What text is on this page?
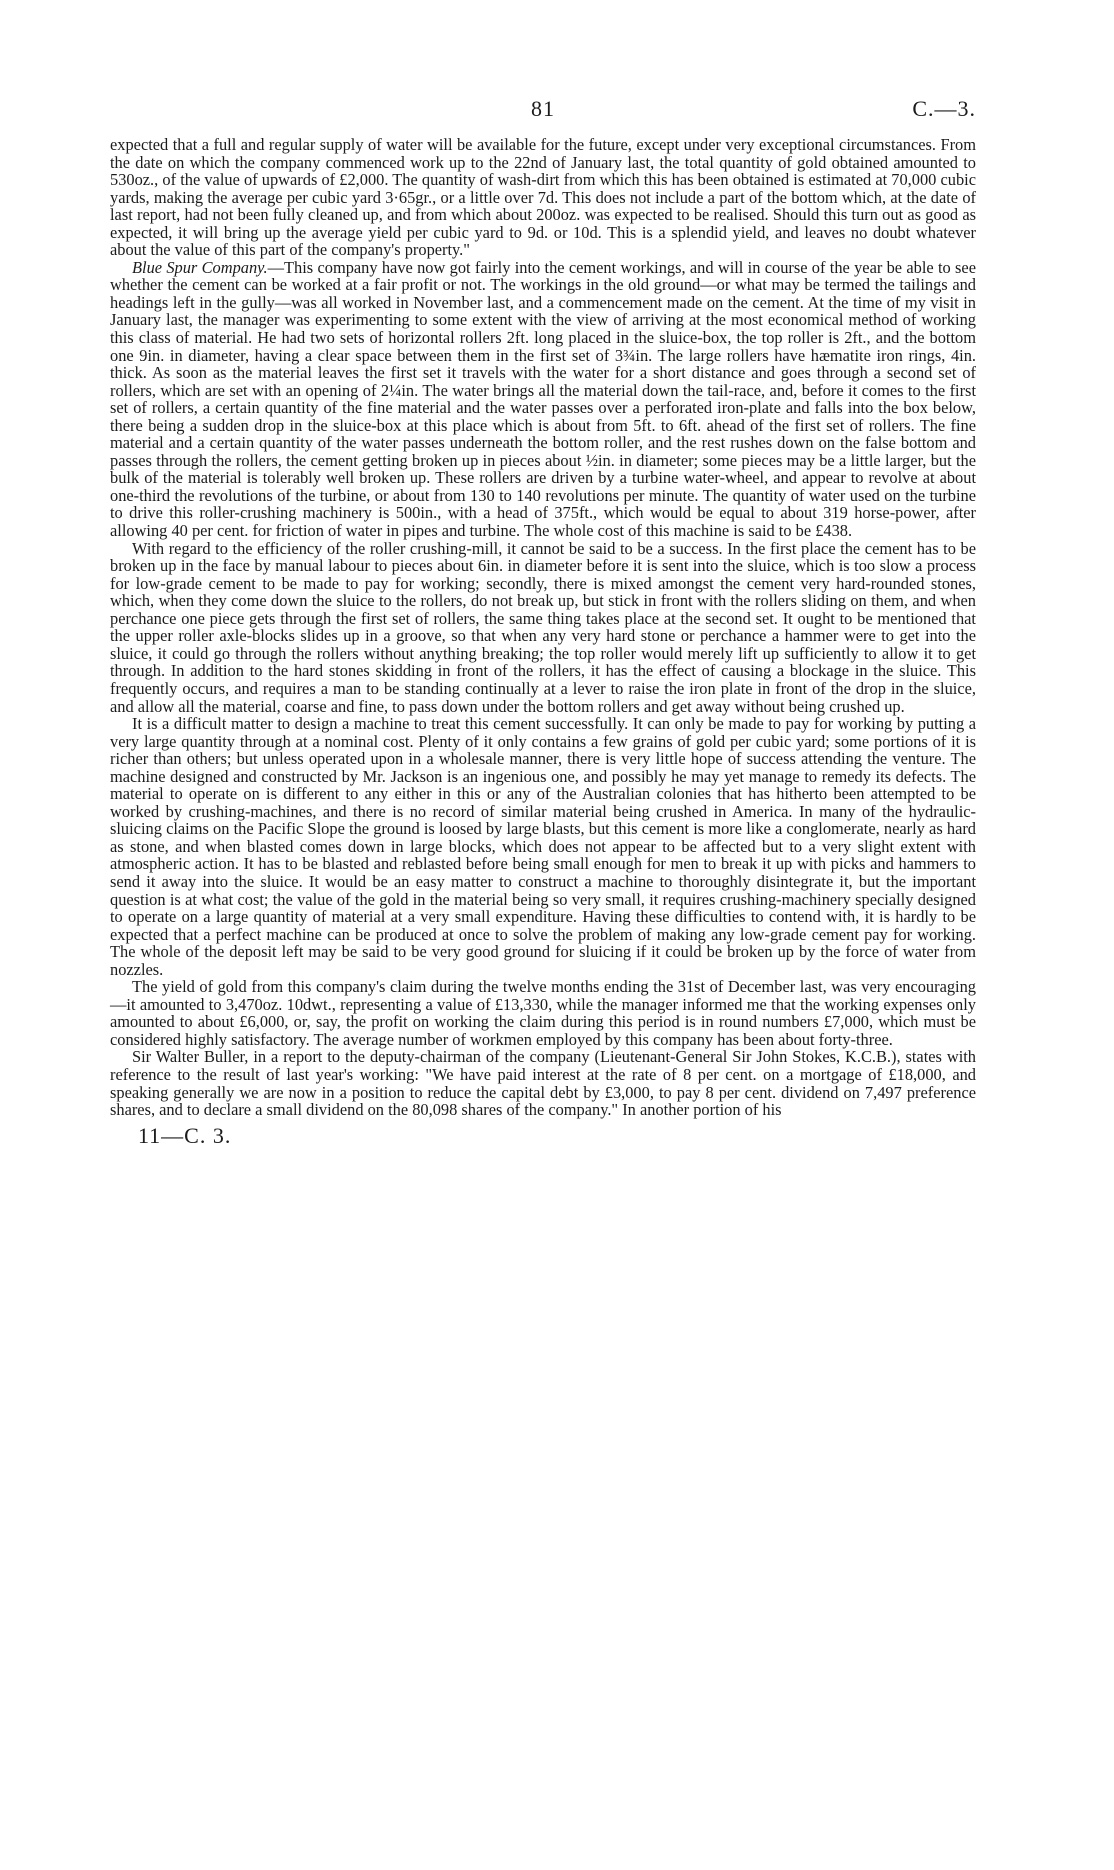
81	C.—3.

expected that a full and regular supply of water will be available for the future, except under very exceptional circumstances. From the date on which the company commenced work up to the 22nd of January last, the total quantity of gold obtained amounted to 530oz., of the value of upwards of £2,000. The quantity of wash-dirt from which this has been obtained is estimated at 70,000 cubic yards, making the average per cubic yard 3·65gr., or a little over 7d. This does not include a part of the bottom which, at the date of last report, had not been fully cleaned up, and from which about 200oz. was expected to be realised. Should this turn out as good as expected, it will bring up the average yield per cubic yard to 9d. or 10d. This is a splendid yield, and leaves no doubt whatever about the value of this part of the company's property."

Blue Spur Company.—This company have now got fairly into the cement workings, and will in course of the year be able to see whether the cement can be worked at a fair profit or not. The workings in the old ground—or what may be termed the tailings and headings left in the gully—was all worked in November last, and a commencement made on the cement. At the time of my visit in January last, the manager was experimenting to some extent with the view of arriving at the most economical method of working this class of material. He had two sets of horizontal rollers 2ft. long placed in the sluice-box, the top roller is 2ft., and the bottom one 9in. in diameter, having a clear space between them in the first set of 3¾in. The large rollers have hæmatite iron rings, 4in. thick. As soon as the material leaves the first set it travels with the water for a short distance and goes through a second set of rollers, which are set with an opening of 2¼in. The water brings all the material down the tail-race, and, before it comes to the first set of rollers, a certain quantity of the fine material and the water passes over a perforated iron-plate and falls into the box below, there being a sudden drop in the sluice-box at this place which is about from 5ft. to 6ft. ahead of the first set of rollers. The fine material and a certain quantity of the water passes underneath the bottom roller, and the rest rushes down on the false bottom and passes through the rollers, the cement getting broken up in pieces about ½in. in diameter; some pieces may be a little larger, but the bulk of the material is tolerably well broken up. These rollers are driven by a turbine water-wheel, and appear to revolve at about one-third the revolutions of the turbine, or about from 130 to 140 revolutions per minute. The quantity of water used on the turbine to drive this roller-crushing machinery is 500in., with a head of 375ft., which would be equal to about 319 horse-power, after allowing 40 per cent. for friction of water in pipes and turbine. The whole cost of this machine is said to be £438.

With regard to the efficiency of the roller crushing-mill, it cannot be said to be a success. In the first place the cement has to be broken up in the face by manual labour to pieces about 6in. in diameter before it is sent into the sluice, which is too slow a process for low-grade cement to be made to pay for working; secondly, there is mixed amongst the cement very hard-rounded stones, which, when they come down the sluice to the rollers, do not break up, but stick in front with the rollers sliding on them, and when perchance one piece gets through the first set of rollers, the same thing takes place at the second set. It ought to be mentioned that the upper roller axle-blocks slides up in a groove, so that when any very hard stone or perchance a hammer were to get into the sluice, it could go through the rollers without anything breaking; the top roller would merely lift up sufficiently to allow it to get through. In addition to the hard stones skidding in front of the rollers, it has the effect of causing a blockage in the sluice. This frequently occurs, and requires a man to be standing continually at a lever to raise the iron plate in front of the drop in the sluice, and allow all the material, coarse and fine, to pass down under the bottom rollers and get away without being crushed up.

It is a difficult matter to design a machine to treat this cement successfully. It can only be made to pay for working by putting a very large quantity through at a nominal cost. Plenty of it only contains a few grains of gold per cubic yard; some portions of it is richer than others; but unless operated upon in a wholesale manner, there is very little hope of success attending the venture. The machine designed and constructed by Mr. Jackson is an ingenious one, and possibly he may yet manage to remedy its defects. The material to operate on is different to any either in this or any of the Australian colonies that has hitherto been attempted to be worked by crushing-machines, and there is no record of similar material being crushed in America. In many of the hydraulic-sluicing claims on the Pacific Slope the ground is loosed by large blasts, but this cement is more like a conglomerate, nearly as hard as stone, and when blasted comes down in large blocks, which does not appear to be affected but to a very slight extent with atmospheric action. It has to be blasted and reblasted before being small enough for men to break it up with picks and hammers to send it away into the sluice. It would be an easy matter to construct a machine to thoroughly disintegrate it, but the important question is at what cost; the value of the gold in the material being so very small, it requires crushing-machinery specially designed to operate on a large quantity of material at a very small expenditure. Having these difficulties to contend with, it is hardly to be expected that a perfect machine can be produced at once to solve the problem of making any low-grade cement pay for working. The whole of the deposit left may be said to be very good ground for sluicing if it could be broken up by the force of water from nozzles.

The yield of gold from this company's claim during the twelve months ending the 31st of December last, was very encouraging—it amounted to 3,470oz. 10dwt., representing a value of £13,330, while the manager informed me that the working expenses only amounted to about £6,000, or, say, the profit on working the claim during this period is in round numbers £7,000, which must be considered highly satisfactory. The average number of workmen employed by this company has been about forty-three.

Sir Walter Buller, in a report to the deputy-chairman of the company (Lieutenant-General Sir John Stokes, K.C.B.), states with reference to the result of last year's working: "We have paid interest at the rate of 8 per cent. on a mortgage of £18,000, and speaking generally we are now in a position to reduce the capital debt by £3,000, to pay 8 per cent. dividend on 7,497 preference shares, and to declare a small dividend on the 80,098 shares of the company." In another portion of his

11—C. 3.
